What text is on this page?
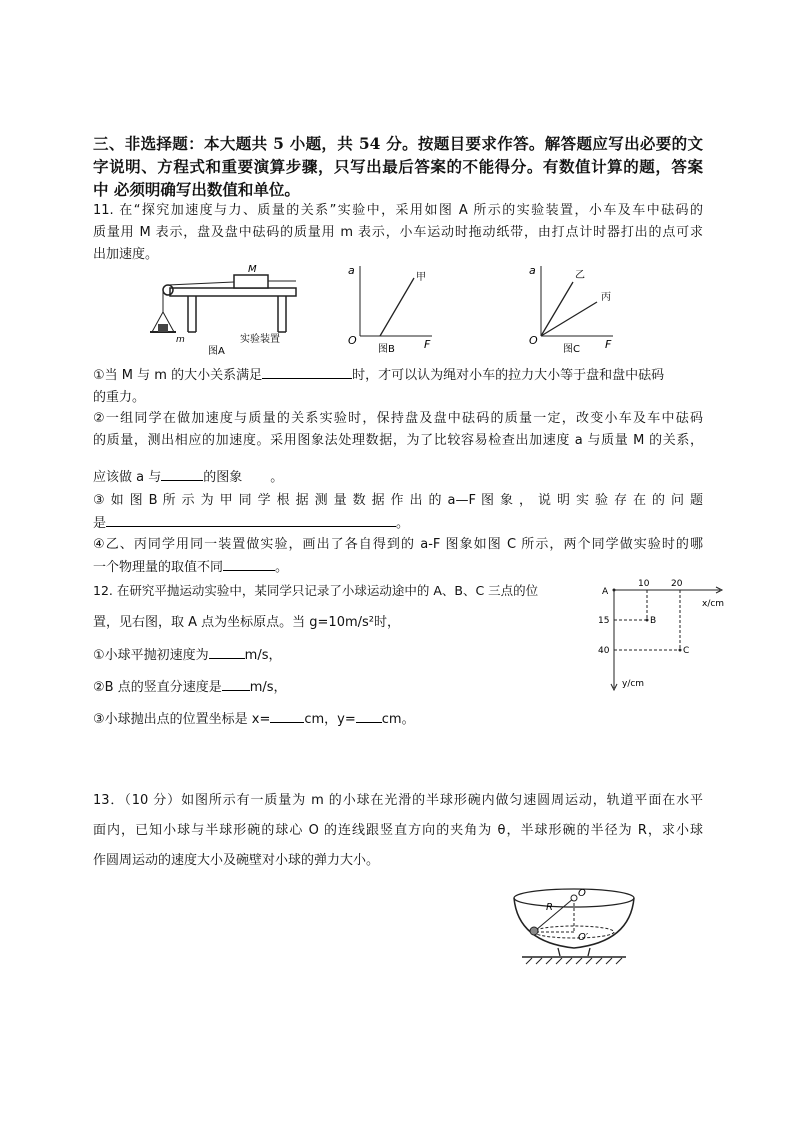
三、非选择题：本大题共 5 小题，共 54 分。按题目要求作答。解答题应写出必要的文
字说明、方程式和重要演算步骤，只写出最后答案的不能得分。有数值计算的题，答案
中 必须明确写出数值和单位。
11. 在“探究加速度与力、质量的关系”实验中，采用如图 A 所示的实验装置，小车及车中砝码的
质量用 M 表示，盘及盘中砝码的质量用 m 表示，小车运动时拖动纸带，由打点计时器打出的点可求
出加速度。
M
m	实验装置
图A
a
O	F
甲
图B
a
O	F
乙
丙
图C
①当 M 与 m 的大小关系满足	时，才可以认为绳对小车的拉力大小等于盘和盘中砝码
的重力。
②一组同学在做加速度与质量的关系实验时，保持盘及盘中砝码的质量一定，改变小车及车中砝码
的质量，测出相应的加速度。采用图象法处理数据，为了比较容易检查出加速度 a 与质量 M 的关系，
应该做 a 与	的图象 。
③ 如 图 B 所 示 为 甲 同 学 根 据 测 量 数 据 作 出 的 a—F 图 象 ， 说 明 实 验 存 在 的 问 题
是	。
④乙、丙同学用同一装置做实验，画出了各自得到的 a-F 图象如图 C 所示，两个同学做实验时的哪
一个物理量的取值不同	。
12. 在研究平抛运动实验中，某同学只记录了小球运动途中的 A、B、C 三点的位
置，见右图，取 A 点为坐标原点。当 g=10m/s²时，
①小球平抛初速度为	m/s，
②B 点的竖直分速度是 m/s，
③小球抛出点的位置坐标是 x=	cm，y= cm。
A
B
C
10 20
15
40
x/cm
y/cm
13．（10 分）如图所示有一质量为 m 的小球在光滑的半球形碗内做匀速圆周运动，轨道平面在水平
面内，已知小球与半球形碗的球心 O 的连线跟竖直方向的夹角为 θ，半球形碗的半径为 R，求小球
作圆周运动的速度大小及碗壁对小球的弹力大小。
R
O
O′
